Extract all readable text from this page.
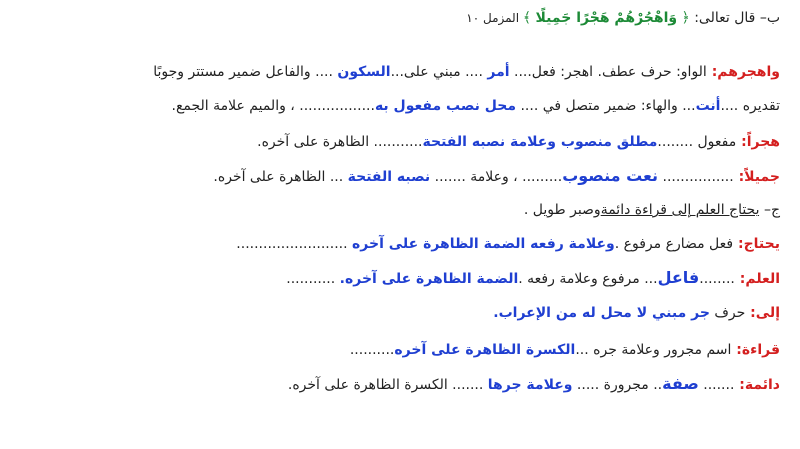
ب– قال تعالى: ﴿ وَاهْجُرْهُمْ هَجْرًا جَمِيلًا ﴾ المزمل ١٠
واهجرهم: الواو: حرف عطف. اهجر: فعل.... أمر .... مبني على...السكون .... والفاعل ضمير مستتر وجوبًا
تقديره ....أنت... والهاء: ضمير متصل في .... محل نصب مفعول به................. ، والميم علامة الجمع.
هجراً: مفعول ........مطلق منصوب وعلامة نصبه الفتحة........... الظاهرة على آخره.
جميلاً: ................ نعت منصوب......... ، وعلامة ....... نصبه الفتحة ... الظاهرة على آخره.
ج– يحتاج العلم إلى قراءة دائمةوصبر طويل .
يحتاج: فعل مضارع مرفوع .وعلامة رفعه الضمة الظاهرة على آخره .........................
العلم: ........فاعل... مرفوع وعلامة رفعه .الضمة الظاهرة على آخره. ...........
إلى: حرف جر مبني لا محل له من الإعراب.
قراءة: اسم مجرور وعلامة جره ...الكسرة الظاهرة على آخره..........
دائمة: ....... صفة.. مجرورة ..... وعلامة جرها ....... الكسرة الظاهرة على آخره.
